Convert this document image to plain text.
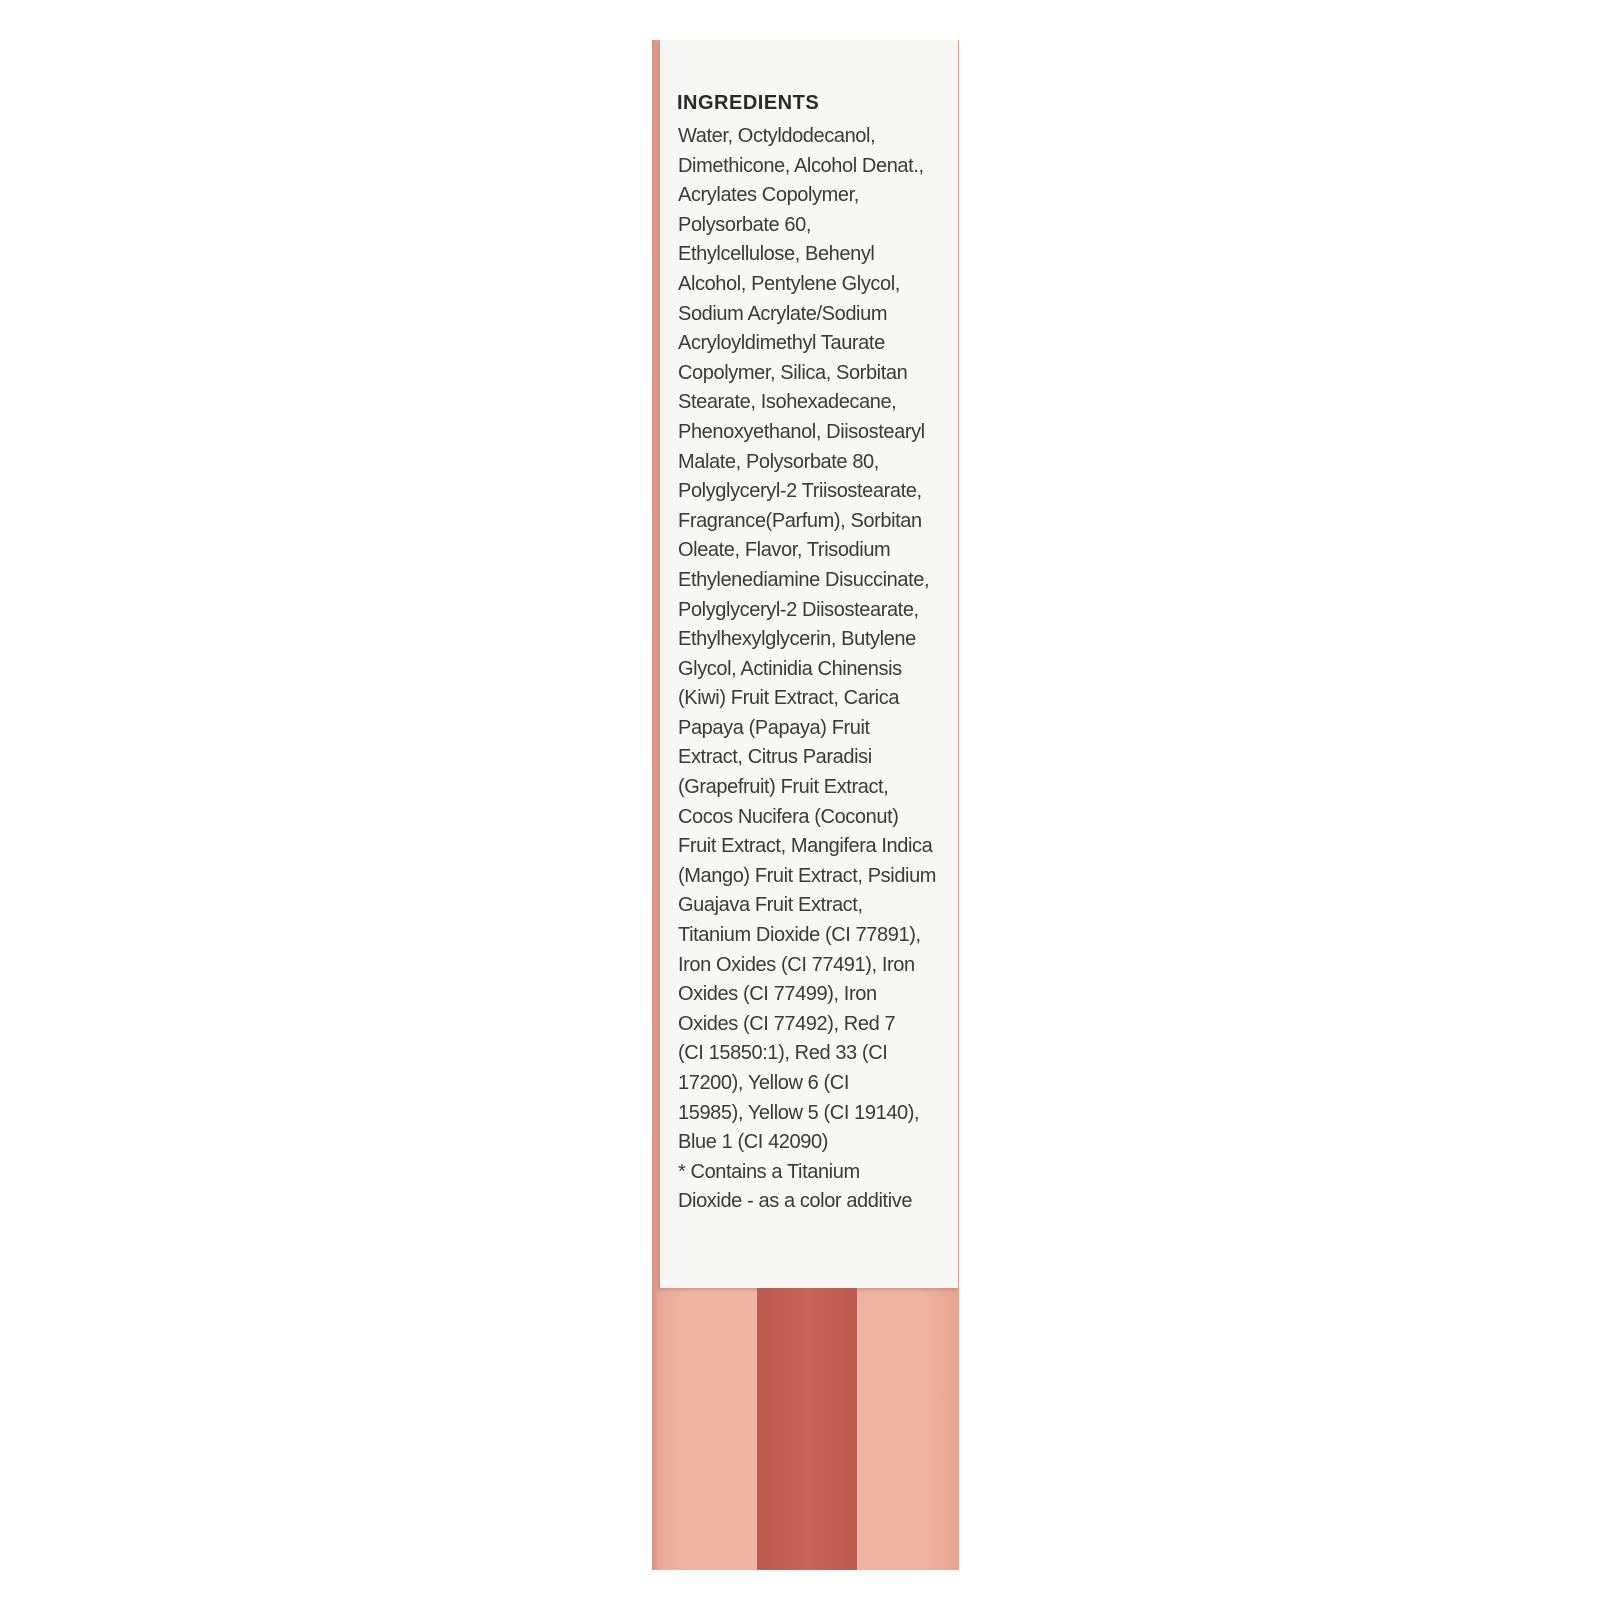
INGREDIENTS
Water, Octyldodecanol,
Dimethicone, Alcohol Denat.,
Acrylates Copolymer,
Polysorbate 60,
Ethylcellulose, Behenyl
Alcohol, Pentylene Glycol,
Sodium Acrylate/Sodium
Acryloyldimethyl Taurate
Copolymer, Silica, Sorbitan
Stearate, Isohexadecane,
Phenoxyethanol, Diisostearyl
Malate, Polysorbate 80,
Polyglyceryl-2 Triisostearate,
Fragrance(Parfum), Sorbitan
Oleate, Flavor, Trisodium
Ethylenediamine Disuccinate,
Polyglyceryl-2 Diisostearate,
Ethylhexylglycerin, Butylene
Glycol, Actinidia Chinensis
(Kiwi) Fruit Extract, Carica
Papaya (Papaya) Fruit
Extract, Citrus Paradisi
(Grapefruit) Fruit Extract,
Cocos Nucifera (Coconut)
Fruit Extract, Mangifera Indica
(Mango) Fruit Extract, Psidium
Guajava Fruit Extract,
Titanium Dioxide (CI 77891),
Iron Oxides (CI 77491), Iron
Oxides (CI 77499), Iron
Oxides (CI 77492), Red 7
(CI 15850:1), Red 33 (CI
17200), Yellow 6 (CI
15985), Yellow 5 (CI 19140),
Blue 1 (CI 42090)
* Contains a Titanium
Dioxide - as a color additive
